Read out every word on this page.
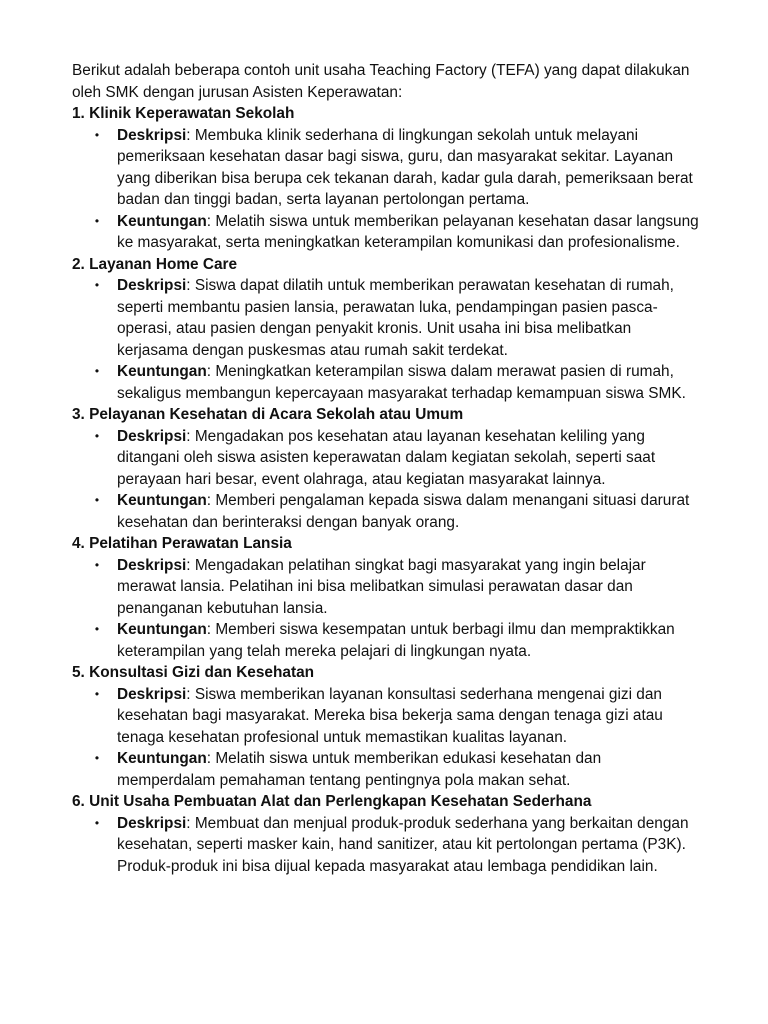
Berikut adalah beberapa contoh unit usaha Teaching Factory (TEFA) yang dapat dilakukan oleh SMK dengan jurusan Asisten Keperawatan:

1. Klinik Keperawatan Sekolah

• Deskripsi: Membuka klinik sederhana di lingkungan sekolah untuk melayani pemeriksaan kesehatan dasar bagi siswa, guru, dan masyarakat sekitar. Layanan yang diberikan bisa berupa cek tekanan darah, kadar gula darah, pemeriksaan berat badan dan tinggi badan, serta layanan pertolongan pertama.
• Keuntungan: Melatih siswa untuk memberikan pelayanan kesehatan dasar langsung ke masyarakat, serta meningkatkan keterampilan komunikasi dan profesionalisme.

2. Layanan Home Care

• Deskripsi: Siswa dapat dilatih untuk memberikan perawatan kesehatan di rumah, seperti membantu pasien lansia, perawatan luka, pendampingan pasien pasca-operasi, atau pasien dengan penyakit kronis. Unit usaha ini bisa melibatkan kerjasama dengan puskesmas atau rumah sakit terdekat.
• Keuntungan: Meningkatkan keterampilan siswa dalam merawat pasien di rumah, sekaligus membangun kepercayaan masyarakat terhadap kemampuan siswa SMK.

3. Pelayanan Kesehatan di Acara Sekolah atau Umum

• Deskripsi: Mengadakan pos kesehatan atau layanan kesehatan keliling yang ditangani oleh siswa asisten keperawatan dalam kegiatan sekolah, seperti saat perayaan hari besar, event olahraga, atau kegiatan masyarakat lainnya.
• Keuntungan: Memberi pengalaman kepada siswa dalam menangani situasi darurat kesehatan dan berinteraksi dengan banyak orang.

4. Pelatihan Perawatan Lansia

• Deskripsi: Mengadakan pelatihan singkat bagi masyarakat yang ingin belajar merawat lansia. Pelatihan ini bisa melibatkan simulasi perawatan dasar dan penanganan kebutuhan lansia.
• Keuntungan: Memberi siswa kesempatan untuk berbagi ilmu dan mempraktikkan keterampilan yang telah mereka pelajari di lingkungan nyata.

5. Konsultasi Gizi dan Kesehatan

• Deskripsi: Siswa memberikan layanan konsultasi sederhana mengenai gizi dan kesehatan bagi masyarakat. Mereka bisa bekerja sama dengan tenaga gizi atau tenaga kesehatan profesional untuk memastikan kualitas layanan.
• Keuntungan: Melatih siswa untuk memberikan edukasi kesehatan dan memperdalam pemahaman tentang pentingnya pola makan sehat.

6. Unit Usaha Pembuatan Alat dan Perlengkapan Kesehatan Sederhana

• Deskripsi: Membuat dan menjual produk-produk sederhana yang berkaitan dengan kesehatan, seperti masker kain, hand sanitizer, atau kit pertolongan pertama (P3K). Produk-produk ini bisa dijual kepada masyarakat atau lembaga pendidikan lain.
